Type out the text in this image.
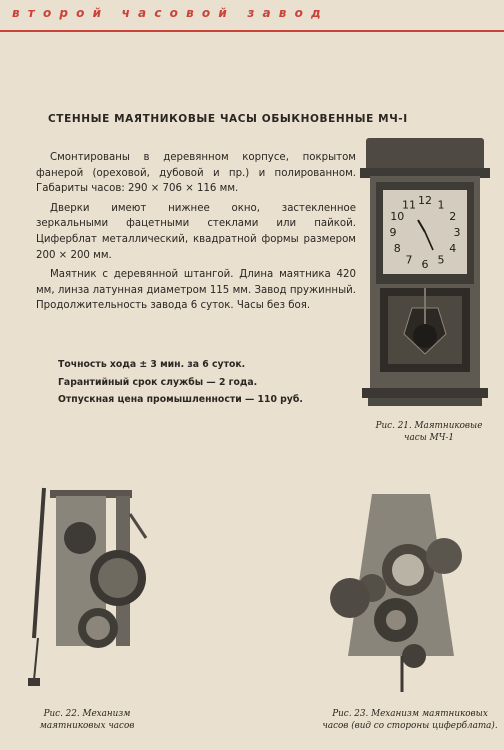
второй часовой завод
СТЕННЫЕ МАЯТНИКОВЫЕ ЧАСЫ ОБЫКНОВЕННЫЕ МЧ-I

Смонтированы в деревянном корпусе, покрытом фанерой (ореховой, дубовой и пр.) и полированном. Габариты часов: 290 × 706 × 116 мм.

Дверки имеют нижнее окно, застекленное зеркальными фацетными стеклами или пайкой. Циферблат металлический, квадратной формы размером 200 × 200 мм.

Маятник с деревянной штангой. Длина маятника 420 мм, линза латунная диаметром 115 мм. Завод пружинный. Продолжительность завода 6 суток. Часы без боя.

Точность хода ± 3 мин. за 6 суток.
Гарантийный срок службы — 2 года.
Отпускная цена промышленности — 110 руб.
12 1
2
3
4
5
6
7
8
9
10
11
Рис. 21. Маятниковые часы МЧ-1
Рис. 22. Механизм маятниковых часов
Рис. 23. Механизм маятниковых часов (вид со стороны циферблата).
